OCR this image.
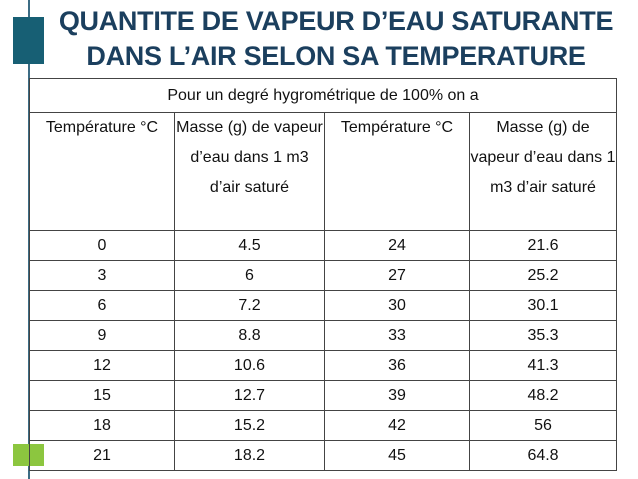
QUANTITE DE VAPEUR D’EAU SATURANTE
DANS L’AIR SELON SA TEMPERATURE
Pour un degré hygrométrique de 100% on a			
Température °C	Masse (g) de vapeur d’eau dans 1 m3 d’air saturé	Température °C	Masse (g) de vapeur d’eau dans 1 m3 d’air saturé
0	4.5	24	21.6
3	6	27	25.2
6	7.2	30	30.1
9	8.8	33	35.3
12	10.6	36	41.3
15	12.7	39	48.2
18	15.2	42	56
21	18.2	45	64.8
